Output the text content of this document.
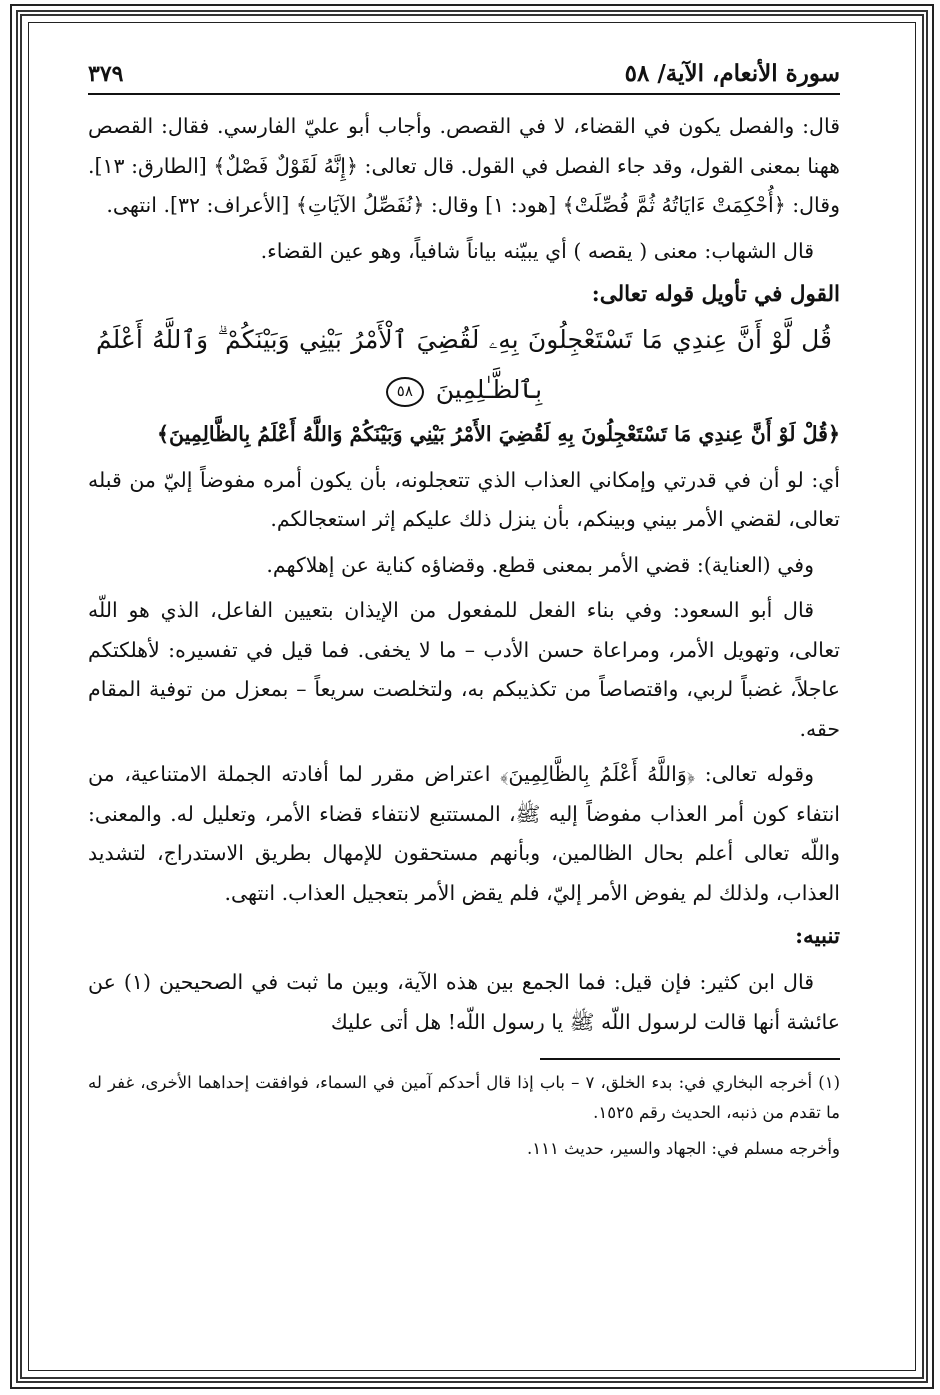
سورة الأنعام، الآية/ ٥٨
٣٧٩

قال: والفصل يكون في القضاء، لا في القصص. وأجاب أبو عليّ الفارسي. فقال: القصص ههنا بمعنى القول، وقد جاء الفصل في القول. قال تعالى: ﴿إِنَّهُ لَقَوْلٌ فَصْلٌ﴾ [الطارق: ١٣]. وقال: ﴿أُحْكِمَتْ ءَايَاتُهُ ثُمَّ فُصِّلَتْ﴾ [هود: ١] وقال: ﴿نُفَصِّلُ الآيَاتِ﴾ [الأعراف: ٣٢]. انتهى.

قال الشهاب: معنى ( يقصه ) أي يبيّنه بياناً شافياً، وهو عين القضاء.

القول في تأويل قوله تعالى:

قُل لَّوْ أَنَّ عِندِي مَا تَسْتَعْجِلُونَ بِهِۦ لَقُضِيَ ٱلْأَمْرُ بَيْنِي وَبَيْنَكُمْ ۗ وَٱللَّهُ أَعْلَمُ
بِٱلظَّـٰلِمِينَ ٥٨

﴿قُلْ لَوْ أَنَّ عِندِي مَا تَسْتَعْجِلُونَ بِهِ لَقُضِيَ الأَمْرُ بَيْنِي وَبَيْنَكُمْ وَاللَّهُ أَعْلَمُ بِالظَّالِمِينَ﴾

أي: لو أن في قدرتي وإمكاني العذاب الذي تتعجلونه، بأن يكون أمره مفوضاً إليّ من قبله تعالى، لقضي الأمر بيني وبينكم، بأن ينزل ذلك عليكم إثر استعجالكم.

وفي (العناية): قضي الأمر بمعنى قطع. وقضاؤه كناية عن إهلاكهم.

قال أبو السعود: وفي بناء الفعل للمفعول من الإيذان بتعيين الفاعل، الذي هو اللّه تعالى، وتهويل الأمر، ومراعاة حسن الأدب – ما لا يخفى. فما قيل في تفسيره: لأهلكتكم عاجلاً، غضباً لربي، واقتصاصاً من تكذيبكم به، ولتخلصت سريعاً – بمعزل من توفية المقام حقه.

وقوله تعالى: ﴿وَاللَّهُ أَعْلَمُ بِالظَّالِمِينَ﴾ اعتراض مقرر لما أفادته الجملة الامتناعية، من انتفاء كون أمر العذاب مفوضاً إليه ﷺ، المستتبع لانتفاء قضاء الأمر، وتعليل له. والمعنى: واللّه تعالى أعلم بحال الظالمين، وبأنهم مستحقون للإمهال بطريق الاستدراج، لتشديد العذاب، ولذلك لم يفوض الأمر إليّ، فلم يقض الأمر بتعجيل العذاب. انتهى.

تنبيه:

قال ابن كثير: فإن قيل: فما الجمع بين هذه الآية، وبين ما ثبت في الصحيحين (١) عن عائشة أنها قالت لرسول اللّه ﷺ يا رسول اللّه! هل أتى عليك

(١) أخرجه البخاري في: بدء الخلق، ٧ – باب إذا قال أحدكم آمين في السماء، فوافقت إحداهما الأخرى، غفر له ما تقدم من ذنبه، الحديث رقم ١٥٢٥.

وأخرجه مسلم في: الجهاد والسير، حديث ١١١.
